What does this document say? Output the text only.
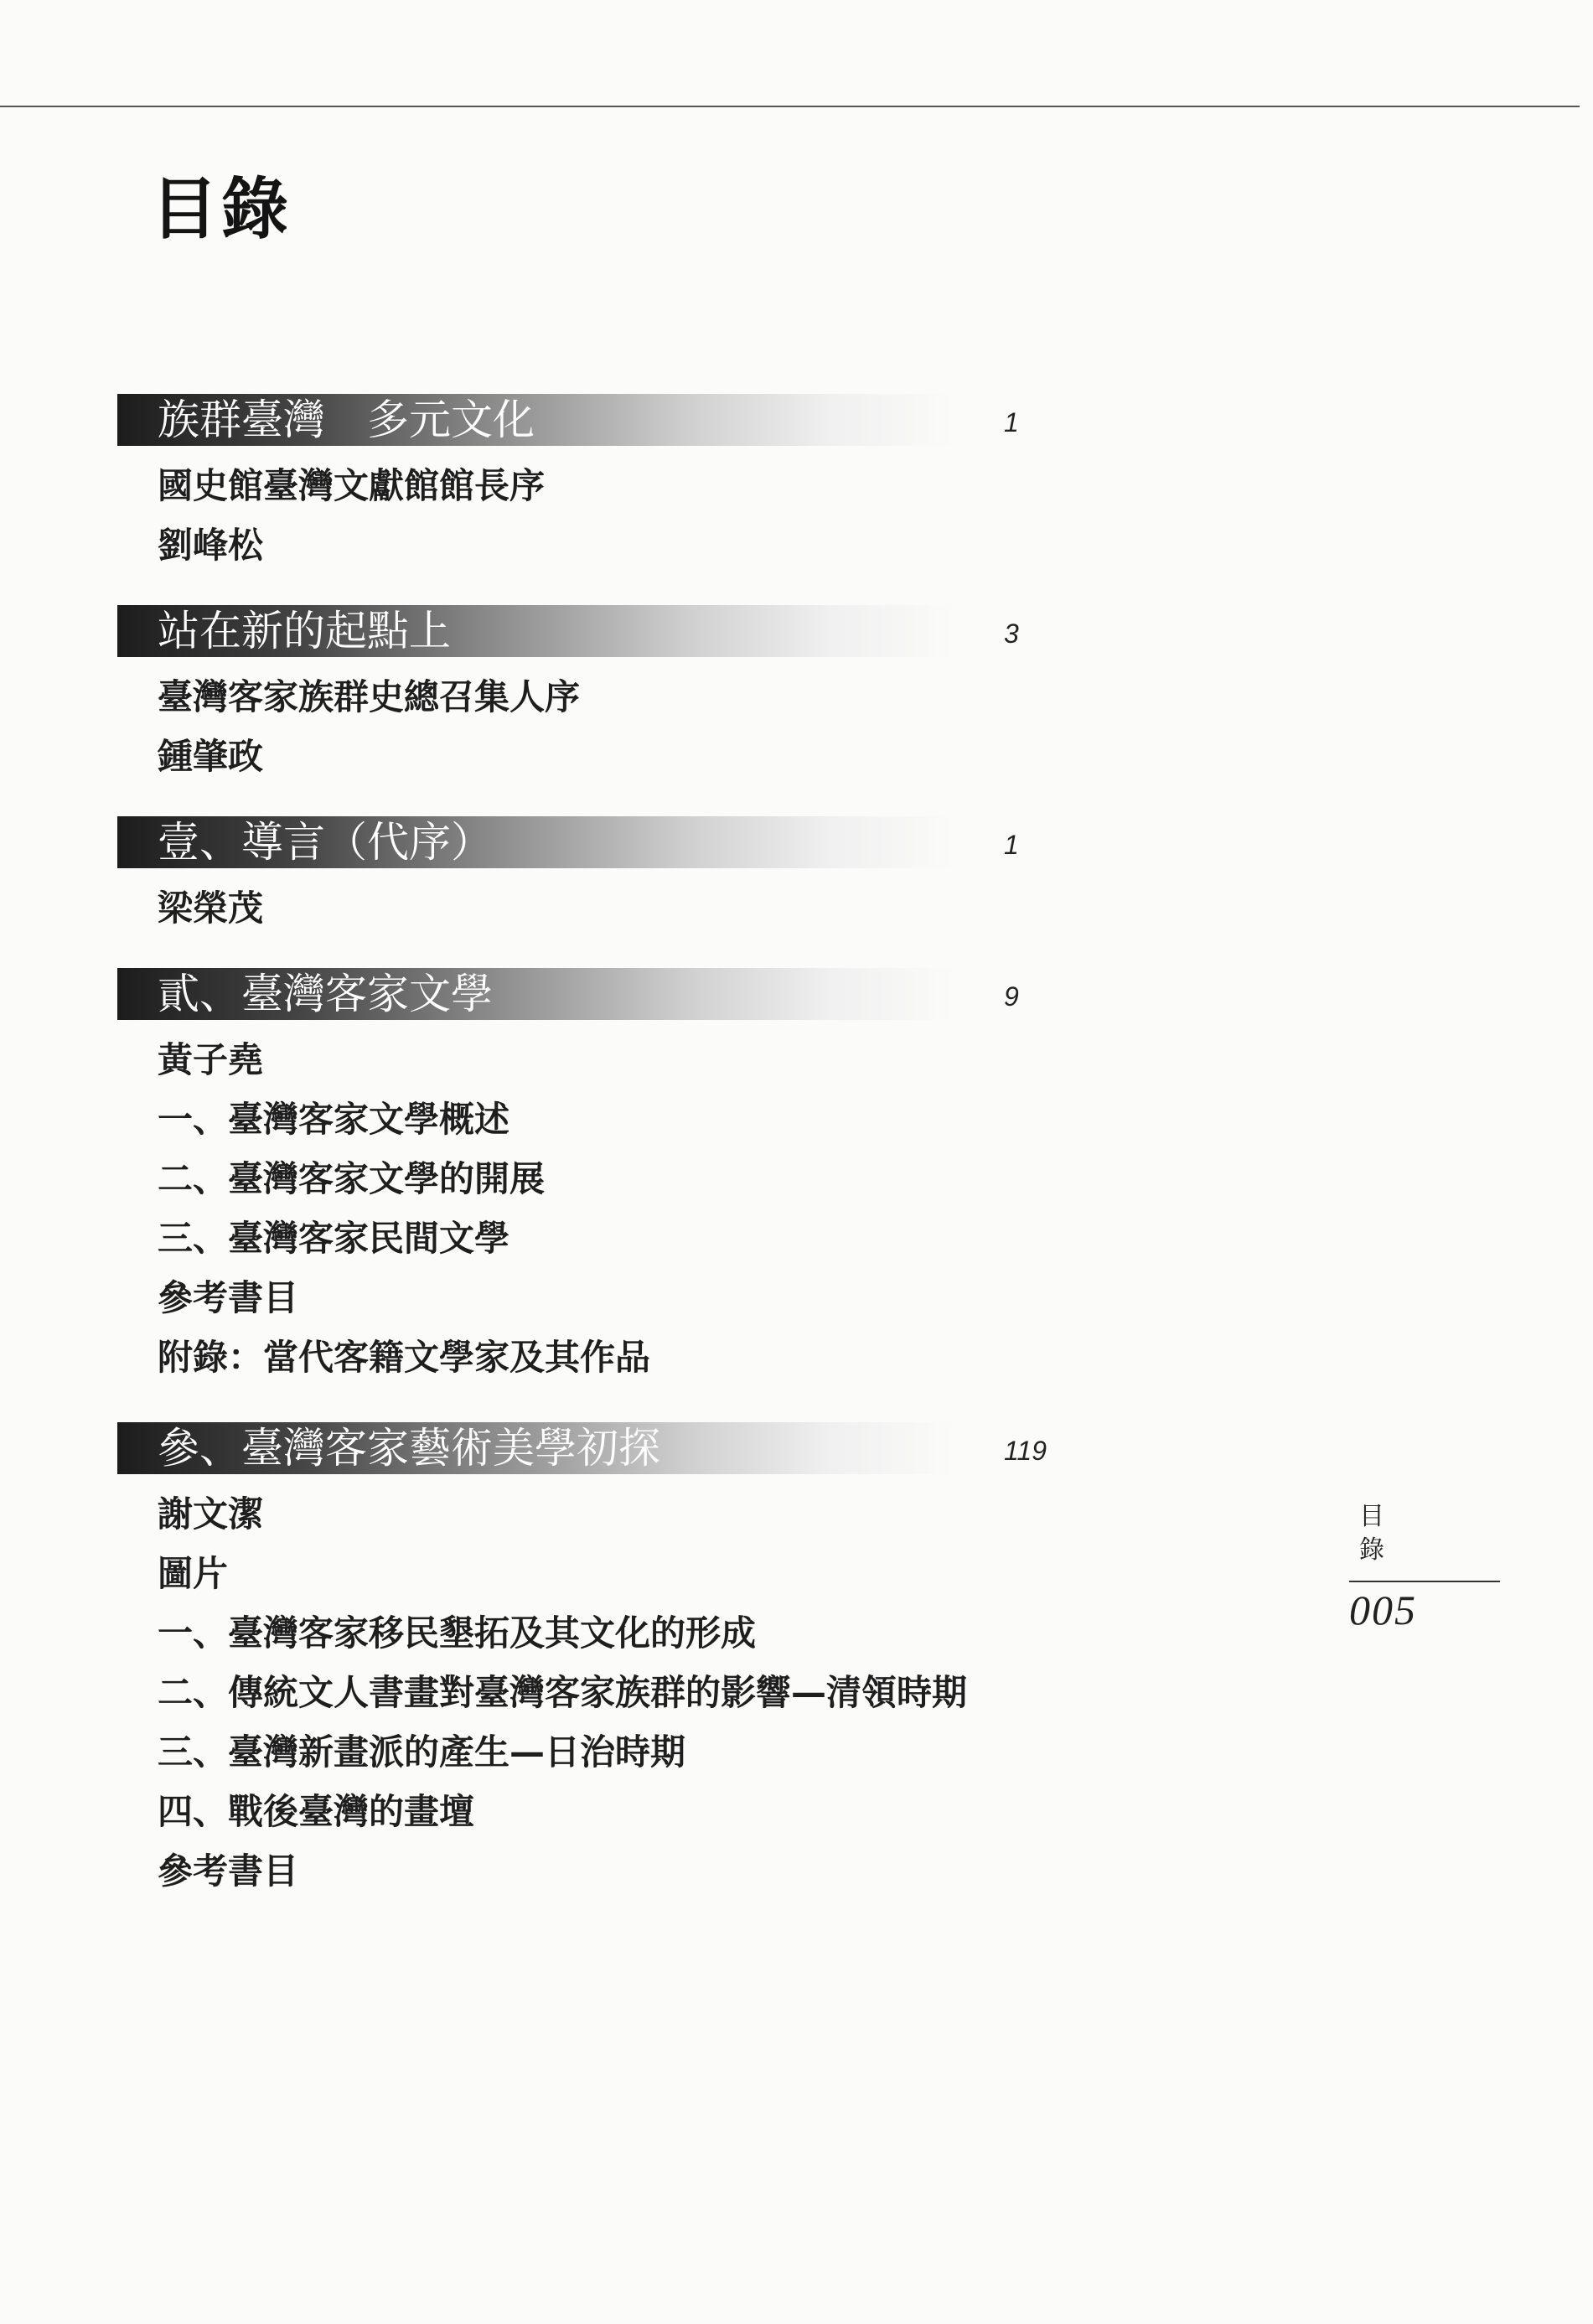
目錄
族群臺灣　多元文化	1
國史館臺灣文獻館館長序
劉峰松
站在新的起點上	3
臺灣客家族群史總召集人序
鍾肇政
壹、導言（代序）	1
梁榮茂
貳、臺灣客家文學	9
黃子堯
一、臺灣客家文學概述
二、臺灣客家文學的開展
三、臺灣客家民間文學
參考書目
附錄：當代客籍文學家及其作品
參、臺灣客家藝術美學初探	119
謝文潔
圖片
一、臺灣客家移民墾拓及其文化的形成
二、傳統文人書畫對臺灣客家族群的影響—清領時期
三、臺灣新畫派的產生—日治時期
四、戰後臺灣的畫壇
參考書目
目
錄
005
